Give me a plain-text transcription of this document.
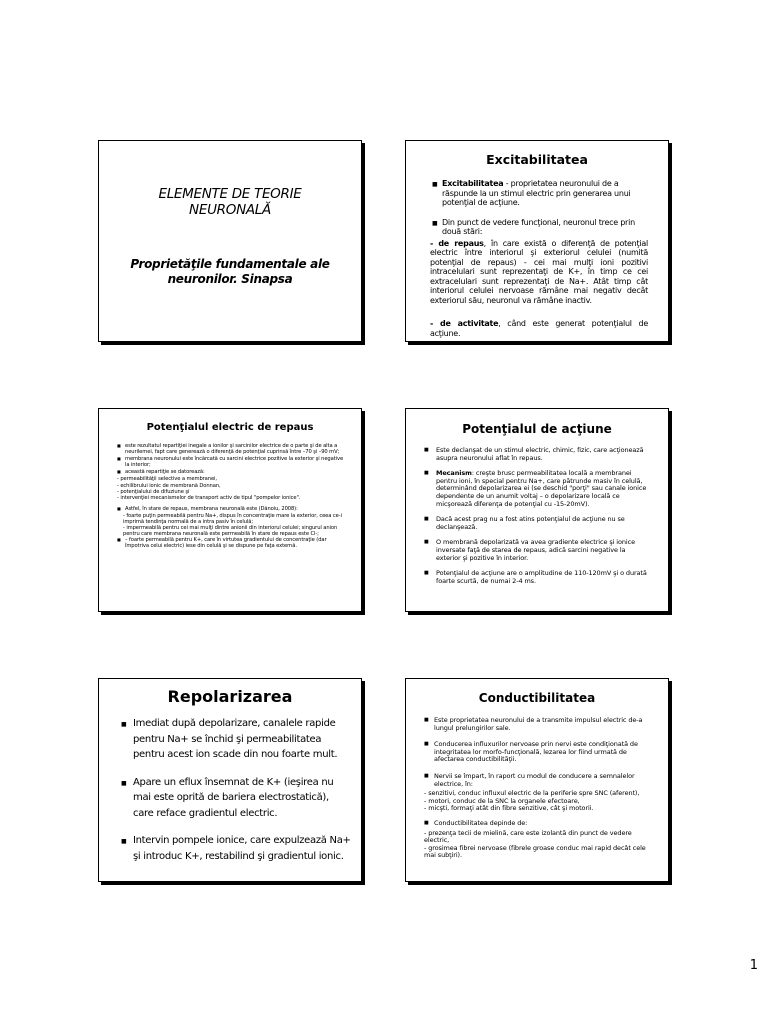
ELEMENTE DE TEORIE
NEURONALĂ
Proprietăţile fundamentale ale
neuronilor. Sinapsa
Excitabilitatea
■ Excitabilitatea - proprietatea neuronului de a răspunde la un stimul electric prin generarea unui potenţial de acţiune.
■ Din punct de vedere funcţional, neuronul trece prin două stări:
- de repaus, în care există o diferenţă de potenţial electric între interiorul şi exteriorul celulei (numită potenţial de repaus) - cei mai mulţi ioni pozitivi intracelulari sunt reprezentaţi de K+, în timp ce cei extracelulari sunt reprezentaţi de Na+. Atât timp cât interiorul celulei nervoase rămâne mai negativ decât exteriorul său, neuronul va rămâne inactiv.
- de activitate, când este generat potenţialul de acţiune.
Potenţialul electric de repaus
■ este rezultatul repartiţiei inegale a ionilor şi sarcinilor electrice de o parte şi de alta a neurilemei, fapt care generează o diferenţă de potenţial cuprinsă între –70 şi –90 mV;
■ membrana neuronului este încărcată cu sarcini electrice pozitive la exterior şi negative la interior;
■ această repartiţie se datorează:
- permeabilităţii selective a membranei,
- echilibrului ionic de membrană Donnan,
- potenţialului de difuziune şi
- intervenţiei mecanismelor de transport activ de tipul "pompelor ionice".
■ Astfel, în stare de repaus, membrana neuronală este (Dănoiu, 2008):
- foarte puţin permeabilă pentru Na+, dispus în concentraţie mare la exterior, ceea ce-i imprimă tendinţa normală de a intra pasiv în celulă;
- impermeabilă pentru cei mai mulţi dintre anionii din interiorul celulei; singurul anion pentru care membrana neuronală este permeabilă în stare de repaus este Cl-;
■ – foarte permeabilă pentru K+, care în virtutea gradientului de concentraţie (dar împotriva celui electric) iese din celulă şi se dispune pe faţa externă.
Potenţialul de acţiune
■ Este declanşat de un stimul electric, chimic, fizic, care acţionează asupra neuronului aflat în repaus.
■ Mecanism: creşte brusc permeabilitatea locală a membranei pentru ioni, în special pentru Na+, care pătrunde masiv în celulă, determinând depolarizarea ei (se deschid "porţi" sau canale ionice dependente de un anumit voltaj – o depolarizare locală ce micşorează diferenţa de potenţial cu -15-20mV).
■ Dacă acest prag nu a fost atins potenţialul de acţiune nu se declanşează.
■ O membrană depolarizată va avea gradiente electrice şi ionice inversate faţă de starea de repaus, adică sarcini negative la exterior şi pozitive în interior.
■ Potenţialul de acţiune are o amplitudine de 110-120mV şi o durată foarte scurtă, de numai 2-4 ms.
Repolarizarea
■ Imediat după depolarizare, canalele rapide pentru Na+ se închid şi permeabilitatea pentru acest ion scade din nou foarte mult.
■ Apare un eflux însemnat de K+ (ieşirea nu mai este oprită de bariera electrostatică), care reface gradientul electric.
■ Intervin pompele ionice, care expulzează Na+ şi introduc K+, restabilind şi gradientul ionic.
Conductibilitatea
■ Este proprietatea neuronului de a transmite impulsul electric de-a lungul prelungirilor sale.
■ Conducerea influxurilor nervoase prin nervi este condiţionată de integritatea lor morfo-funcţională, lezarea lor fiind urmată de afectarea conductibilităţii.
■ Nervii se împart, în raport cu modul de conducere a semnalelor electrice, în:
- senzitivi, conduc influxul electric de la periferie spre SNC (aferent),
- motori, conduc de la SNC la organele efectoare,
- micşti, formaţi atât din fibre senzitive, cât şi motorii.
■ Conductibilitatea depinde de:
- prezenţa tecii de mielină, care este izolantă din punct de vedere
electric,
- grosimea fibrei nervoase (fibrele groase conduc mai rapid decât cele
mai subţiri).
1
